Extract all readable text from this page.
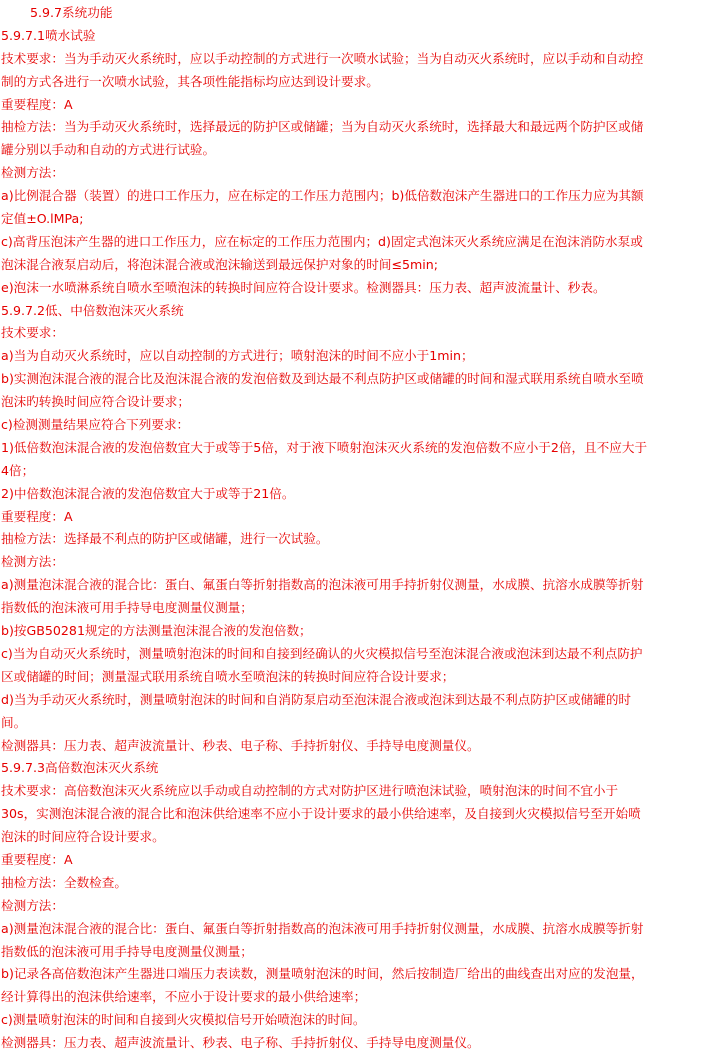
5.9.7系统功能
5.9.7.1喷水试验
技术要求：当为手动灭火系统时，应以手动控制的方式进行一次喷水试验；当为自动灭火系统时，应以手动和自动控
制的方式各进行一次喷水试验，其各项性能指标均应达到设计要求。
重要程度：A
抽检方法：当为手动灭火系统时，选择最远的防护区或储罐；当为自动灭火系统时，选择最大和最远两个防护区或储
罐分别以手动和自动的方式进行试验。
检测方法：
a)比例混合器（装置）的进口工作压力，应在标定的工作压力范围内；b)低倍数泡沫产生器进口的工作压力应为其额
定值±O.lMPa;
c)高背压泡沫产生器的进口工作压力，应在标定的工作压力范围内；d)固定式泡沫灭火系统应满足在泡沫消防水泵或
泡沫混合液泵启动后，将泡沫混合液或泡沫输送到最远保护对象的时间≤5min;
e)泡沫一水喷淋系统自喷水至喷泡沫的转换时间应符合设计要求。检测器具：压力表、超声波流量计、秒表。
5.9.7.2低、中倍数泡沫灭火系统
技术要求：
a)当为自动灭火系统时，应以自动控制的方式进行；喷射泡沫的时间不应小于1min；
b)实测泡沫混合液的混合比及泡沫混合液的发泡倍数及到达最不利点防护区或储罐的时间和湿式联用系统自喷水至喷
泡沫旳转换时间应符合设计要求；
c)检测测量结果应符合下列要求：
1)低倍数泡沫混合液的发泡倍数宜大于或等于5倍，对于液下喷射泡沫灭火系统的发泡倍数不应小于2倍，且不应大于
4倍；
2)中倍数泡沫混合液的发泡倍数宜大于或等于21倍。
重要程度：A
抽检方法：选择最不利点的防护区或储罐，进行一次试验。
检测方法：
a)测量泡沫混合液的混合比：蛋白、氟蛋白等折射指数高的泡沫液可用手持折射仪测量，水成膜、抗溶水成膜等折射
指数低的泡沫液可用手持导电度测量仪测量；
b)按GB50281规定的方法测量泡沫混合液的发泡倍数；
c)当为自动灭火系统时，测量喷射泡沫的时间和自接到经确认的火灾模拟信号至泡沫混合液或泡沫到达最不利点防护
区或储罐的时间；测量湿式联用系统自喷水至喷泡沫的转换时间应符合设计要求；
d)当为手动灭火系统时，测量喷射泡沫的时间和自消防泵启动至泡沫混合液或泡沫到达最不利点防护区或储罐的时
间。
检测器具：压力表、超声波流量计、秒表、电子称、手持折射仪、手持导电度测量仪。
5.9.7.3高倍数泡沫灭火系统
技术要求：高倍数泡沫灭火系统应以手动或自动控制的方式对防护区进行喷泡沫试验，喷射泡沫的时间不宜小于
30s，实测泡沫混合液的混合比和泡沫供给速率不应小于设计要求的最小供给速率，及自接到火灾模拟信号至开始喷
泡沫的时间应符合设计要求。
重要程度：A
抽检方法：全数检查。
检测方法：
a)测量泡沫混合液的混合比：蛋白、氟蛋白等折射指数高的泡沫液可用手持折射仪测量，水成膜、抗溶水成膜等折射
指数低的泡沫液可用手持导电度测量仪测量；
b)记录各高倍数泡沫产生器进口端压力表读数，测量喷射泡沫的时间，然后按制造厂给出的曲线查出对应的发泡量，
经计算得出的泡沫供给速率，不应小于设计要求的最小供给速率；
c)测量喷射泡沫的时间和自接到火灾模拟信号开始喷泡沫的时间。
检测器具：压力表、超声波流量计、秒表、电子称、手持折射仪、手持导电度测量仪。
